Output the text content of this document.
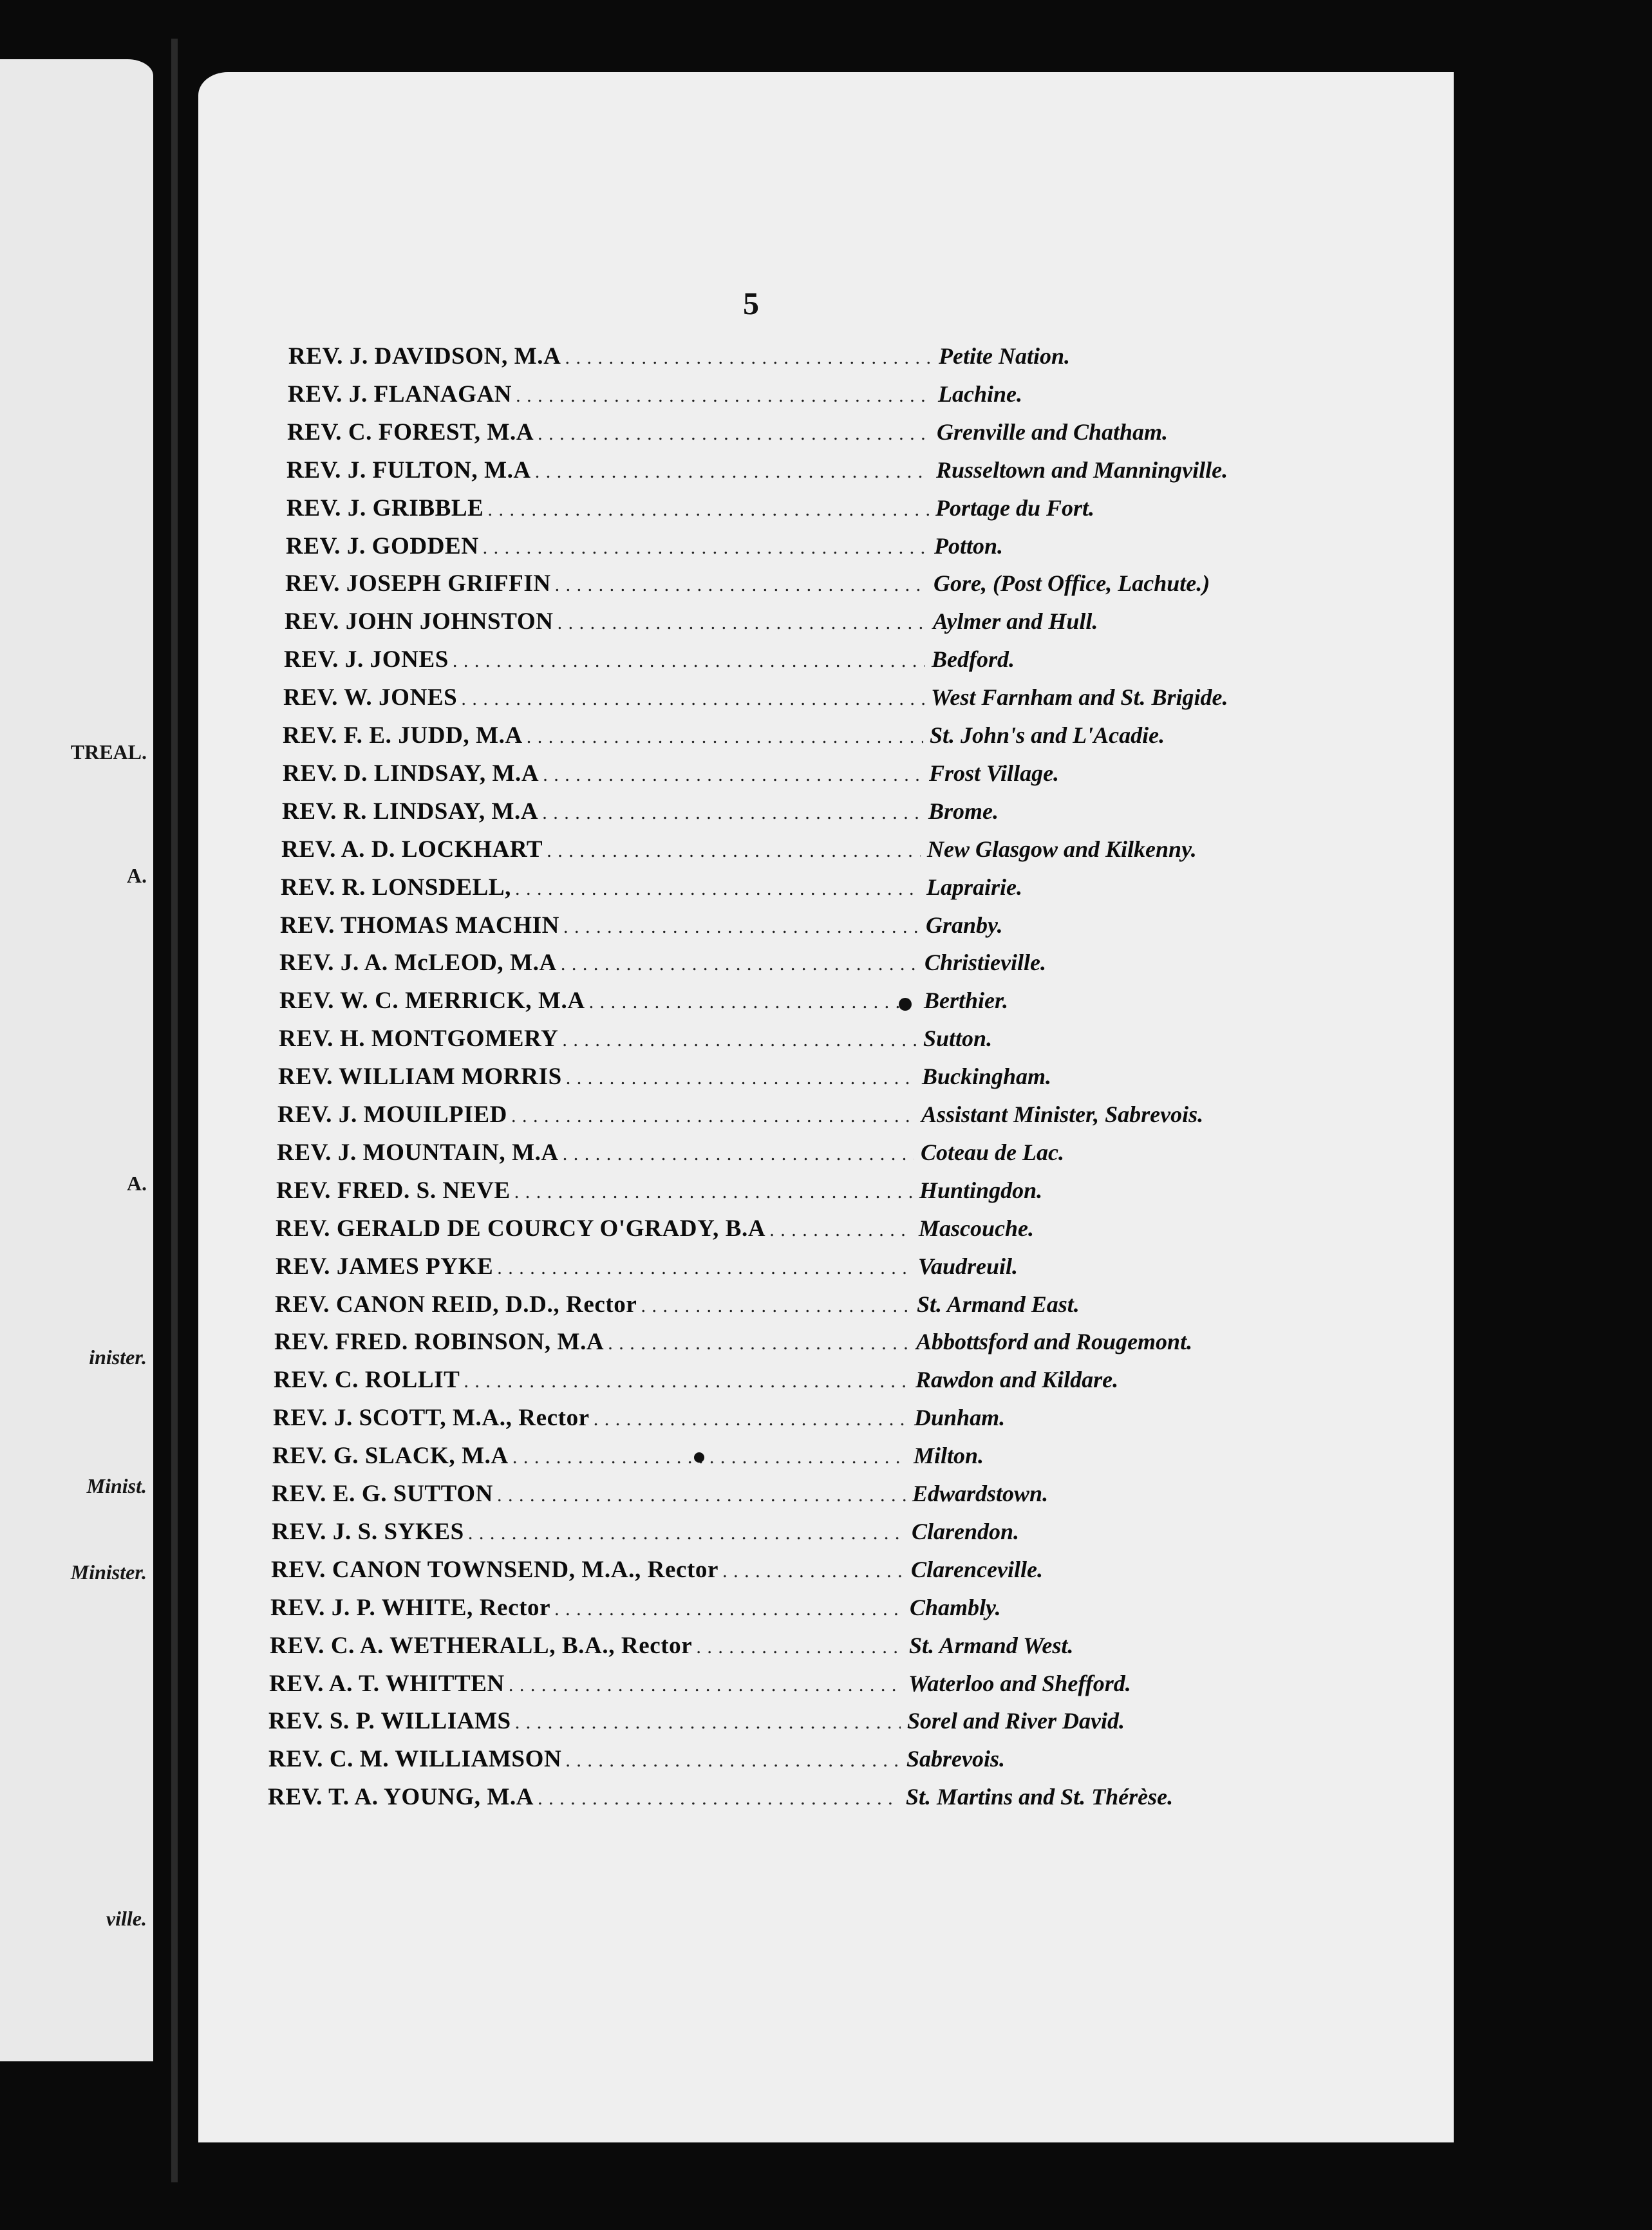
TREAL.

A.

A.

inister.

Minist.

Minister.

ville.

5

REV. J. DAVIDSON, M.A . . .	Petite Nation.
REV. J. FLANAGAN . . .	Lachine.
REV. C. FOREST, M.A . . .	Grenville and Chatham.
REV. J. FULTON, M.A . . .	Russeltown and Manningville.
REV. J. GRIBBLE . . .	Portage du Fort.
REV. J. GODDEN . . .	Potton.
REV. JOSEPH GRIFFIN . . .	Gore, (Post Office, Lachute.)
REV. JOHN JOHNSTON . . .	Aylmer and Hull.
REV. J. JONES . . .	Bedford.
REV. W. JONES . . .	West Farnham and St. Brigide.
REV. F. E. JUDD, M.A . . .	St. John's and L'Acadie.
REV. D. LINDSAY, M.A . . .	Frost Village.
REV. R. LINDSAY, M.A . . .	Brome.
REV. A. D. LOCKHART . . .	New Glasgow and Kilkenny.
REV. R. LONSDELL, . . .	Laprairie.
REV. THOMAS MACHIN . . .	Granby.
REV. J. A. McLEOD, M.A . . .	Christieville.
REV. W. C. MERRICK, M.A . . .	Berthier.
REV. H. MONTGOMERY . . .	Sutton.
REV. WILLIAM MORRIS . . .	Buckingham.
REV. J. MOUILPIED . . .	Assistant Minister, Sabrevois.
REV. J. MOUNTAIN, M.A . . .	Coteau de Lac.
REV. FRED. S. NEVE . . .	Huntingdon.
REV. GERALD DE COURCY O'GRADY, B.A . . .	Mascouche.
REV. JAMES PYKE . . .	Vaudreuil.
REV. CANON REID, D.D., Rector . . .	St. Armand East.
REV. FRED. ROBINSON, M.A . . .	Abbottsford and Rougemont.
REV. C. ROLLIT . . .	Rawdon and Kildare.
REV. J. SCOTT, M.A., Rector . . .	Dunham.
REV. G. SLACK, M.A . . .	Milton.
REV. E. G. SUTTON . . .	Edwardstown.
REV. J. S. SYKES . . .	Clarendon.
REV. CANON TOWNSEND, M.A., Rector . . .	Clarenceville.
REV. J. P. WHITE, Rector . . .	Chambly.
REV. C. A. WETHERALL, B.A., Rector . . .	St. Armand West.
REV. A. T. WHITTEN . . .	Waterloo and Shefford.
REV. S. P. WILLIAMS . . .	Sorel and River David.
REV. C. M. WILLIAMSON . . .	Sabrevois.
REV. T. A. YOUNG, M.A . . .	St. Martins and St. Thérèse.
